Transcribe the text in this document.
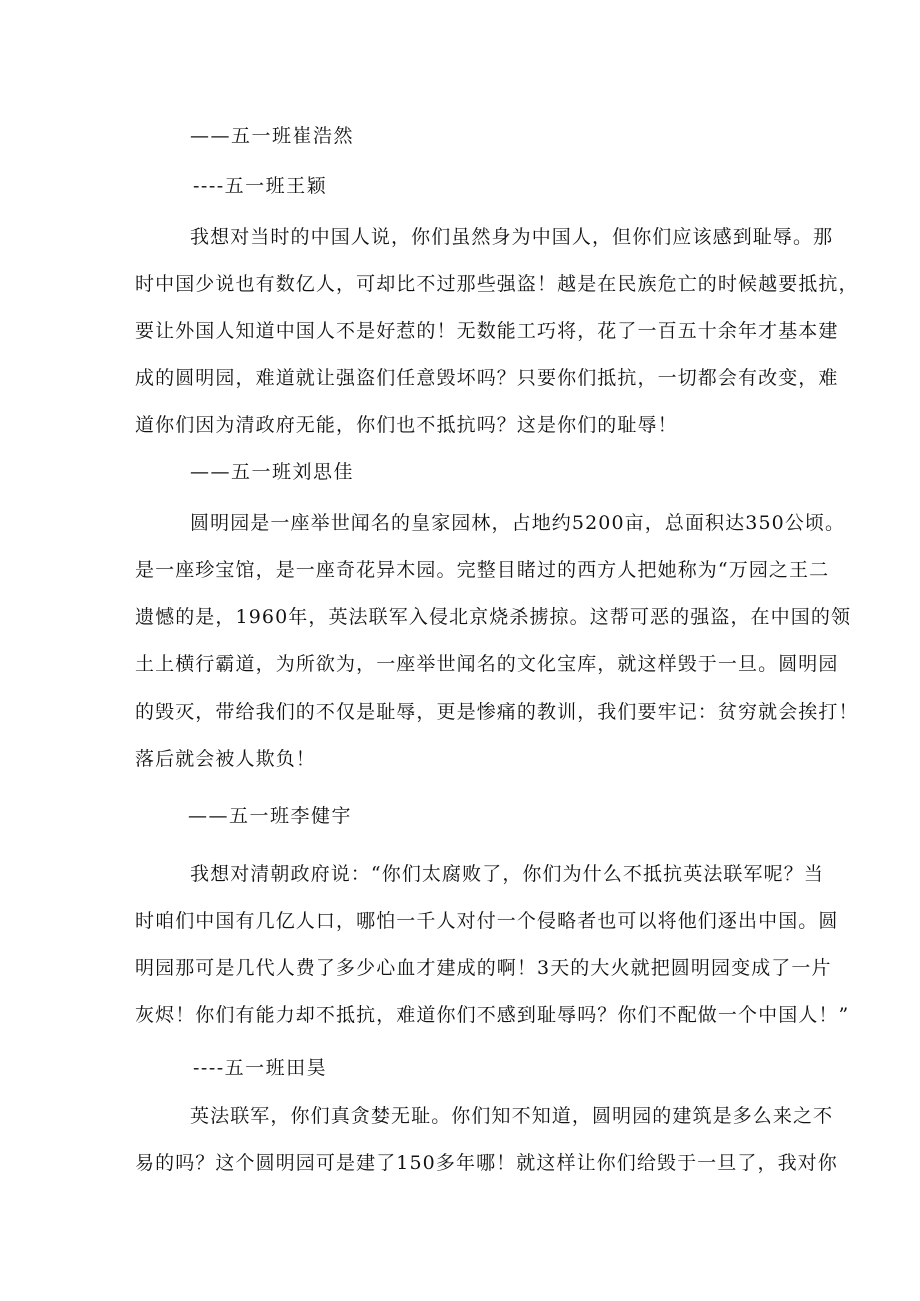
——五一班崔浩然
----五一班王颖
我想对当时的中国人说，你们虽然身为中国人，但你们应该感到耻辱。那
时中国少说也有数亿人，可却比不过那些强盗！越是在民族危亡的时候越要抵抗，
要让外国人知道中国人不是好惹的！无数能工巧将，花了一百五十余年才基本建
成的圆明园，难道就让强盗们任意毁坏吗？只要你们抵抗，一切都会有改变，难
道你们因为清政府无能，你们也不抵抗吗？这是你们的耻辱！
——五一班刘思佳
圆明园是一座举世闻名的皇家园林，占地约5200亩，总面积达350公顷。
是一座珍宝馆，是一座奇花异木园。完整目睹过的西方人把她称为“万园之王二
遗憾的是，1960年，英法联军入侵北京烧杀掳掠。这帮可恶的强盗，在中国的领
土上横行霸道，为所欲为，一座举世闻名的文化宝库，就这样毁于一旦。圆明园
的毁灭，带给我们的不仅是耻辱，更是惨痛的教训，我们要牢记：贫穷就会挨打！
落后就会被人欺负！
——五一班李健宇
我想对清朝政府说：“你们太腐败了，你们为什么不抵抗英法联军呢？当
时咱们中国有几亿人口，哪怕一千人对付一个侵略者也可以将他们逐出中国。圆
明园那可是几代人费了多少心血才建成的啊！3天的大火就把圆明园变成了一片
灰烬！你们有能力却不抵抗，难道你们不感到耻辱吗？你们不配做一个中国人！”
----五一班田昊
英法联军，你们真贪婪无耻。你们知不知道，圆明园的建筑是多么来之不
易的吗？这个圆明园可是建了150多年哪！就这样让你们给毁于一旦了，我对你
